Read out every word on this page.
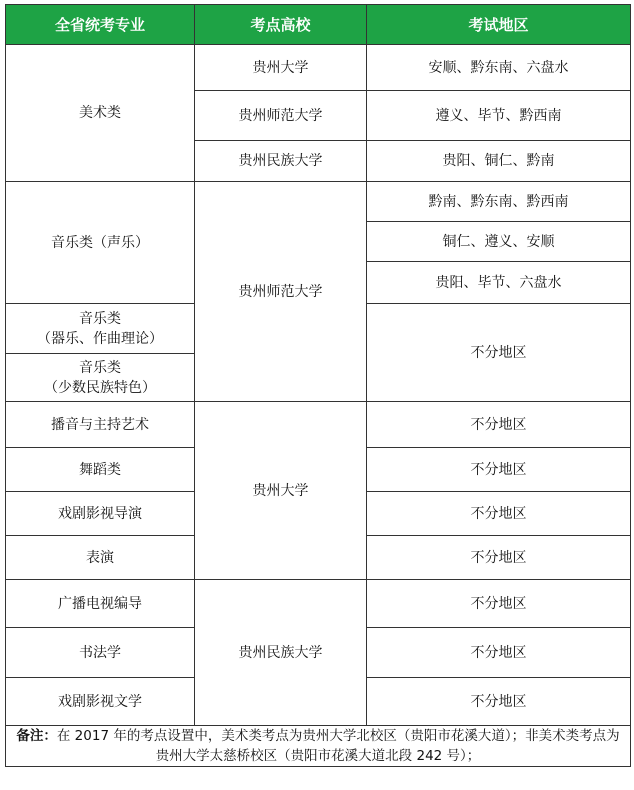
全省统考专业	考点高校	考试地区
美术类	贵州大学	安顺、黔东南、六盘水
	贵州师范大学	遵义、毕节、黔西南
	贵州民族大学	贵阳、铜仁、黔南
音乐类（声乐）	贵州师范大学	黔南、黔东南、黔西南
		铜仁、遵义、安顺
		贵阳、毕节、六盘水

音乐类
（器乐、作曲理论）		不分地区

音乐类
（少数民族特色）		

播音与主持艺术	贵州大学	不分地区
舞蹈类		不分地区
戏剧影视导演		不分地区
表演		不分地区
广播电视编导	贵州民族大学	不分地区
书法学		不分地区
戏剧影视文学		不分地区
备注：在 2017 年的考点设置中，美术类考点为贵州大学北校区（贵阳市花溪大道）；非美术类考点为贵州大学太慈桥校区（贵阳市花溪大道北段 242 号）；		
